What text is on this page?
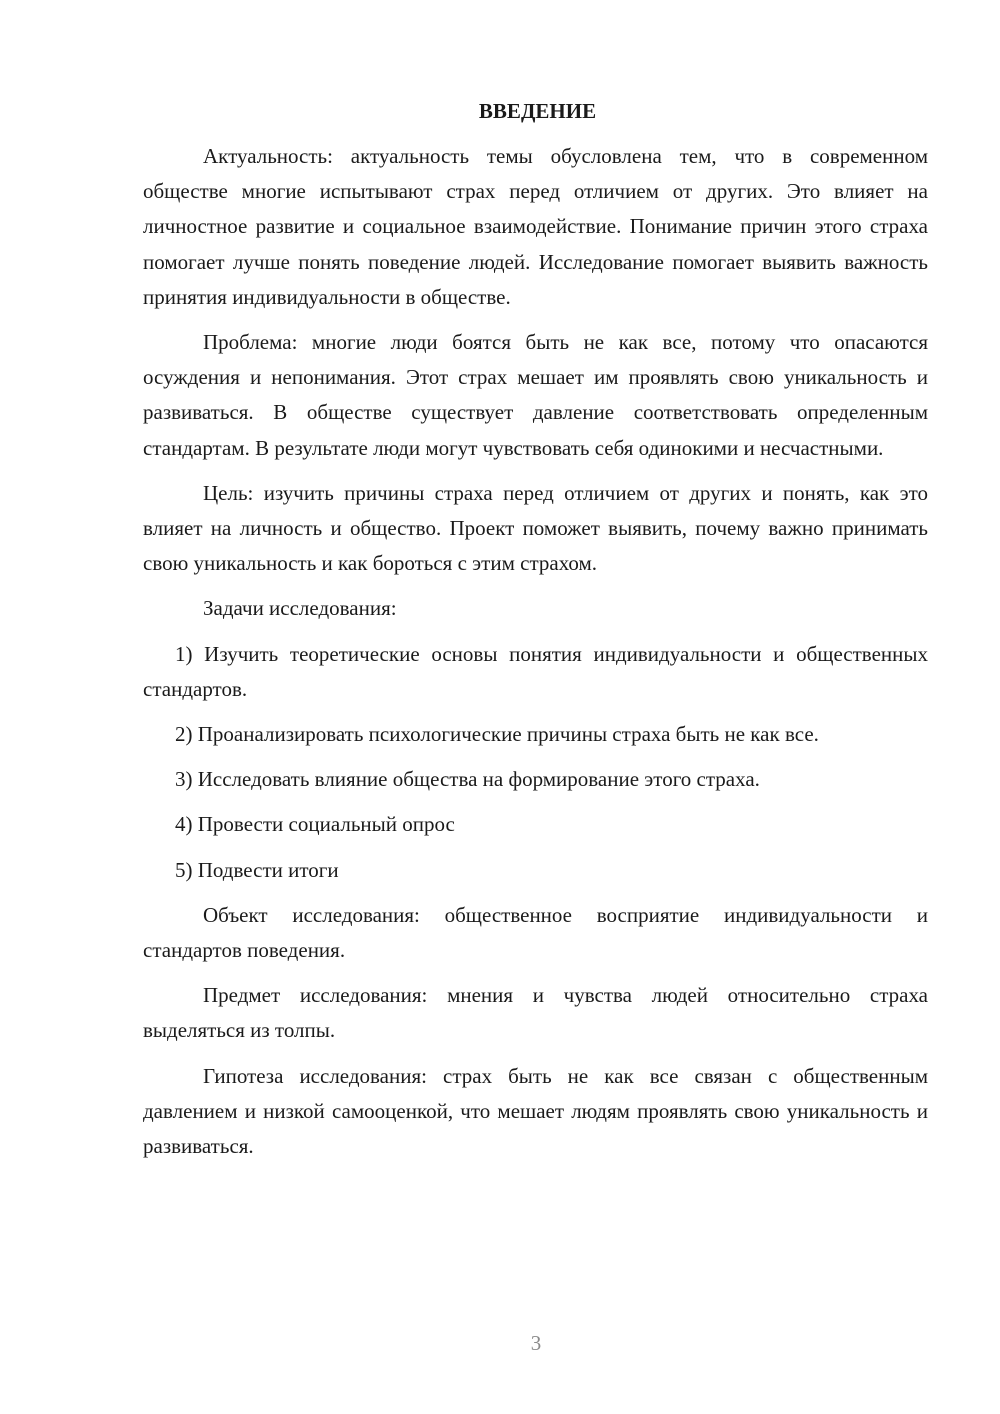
ВВЕДЕНИЕ

Актуальность: актуальность темы обусловлена тем, что в современном обществе многие испытывают страх перед отличием от других. Это влияет на личностное развитие и социальное взаимодействие. Понимание причин этого страха помогает лучше понять поведение людей. Исследование помогает выявить важность принятия индивидуальности в обществе.

Проблема: многие люди боятся быть не как все, потому что опасаются осуждения и непонимания. Этот страх мешает им проявлять свою уникальность и развиваться. В обществе существует давление соответствовать определенным стандартам. В результате люди могут чувствовать себя одинокими и несчастными.

Цель: изучить причины страха перед отличием от других и понять, как это влияет на личность и общество. Проект поможет выявить, почему важно принимать свою уникальность и как бороться с этим страхом.

Задачи исследования:

1) Изучить теоретические основы понятия индивидуальности и общественных стандартов.

2) Проанализировать психологические причины страха быть не как все.

3) Исследовать влияние общества на формирование этого страха.

4) Провести социальный опрос

5) Подвести итоги

Объект исследования: общественное восприятие индивидуальности и стандартов поведения.

Предмет исследования: мнения и чувства людей относительно страха выделяться из толпы.

Гипотеза исследования: страх быть не как все связан с общественным давлением и низкой самооценкой, что мешает людям проявлять свою уникальность и развиваться.

3
